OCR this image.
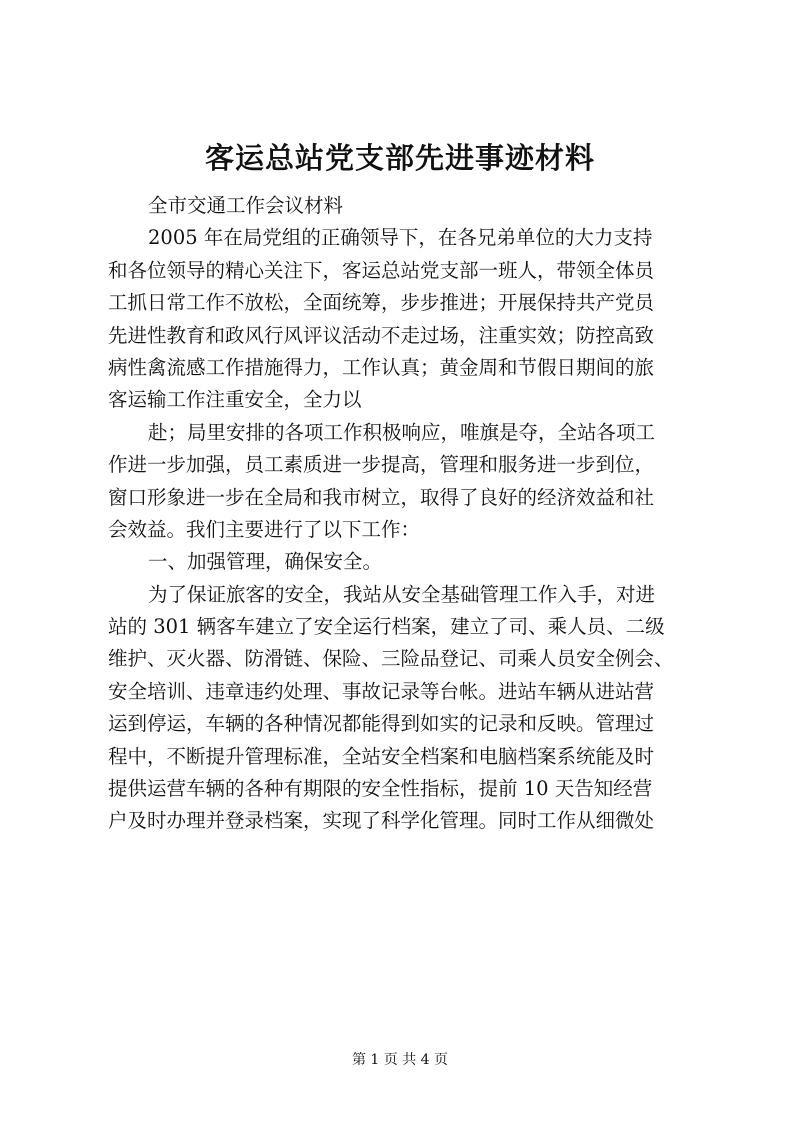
客运总站党支部先进事迹材料
全市交通工作会议材料
2005 年在局党组的正确领导下，在各兄弟单位的大力支持
和各位领导的精心关注下，客运总站党支部一班人，带领全体员
工抓日常工作不放松，全面统筹，步步推进；开展保持共产党员
先进性教育和政风行风评议活动不走过场，注重实效；防控高致
病性禽流感工作措施得力，工作认真；黄金周和节假日期间的旅
客运输工作注重安全，全力以
赴；局里安排的各项工作积极响应，唯旗是夺，全站各项工
作进一步加强，员工素质进一步提高，管理和服务进一步到位，
窗口形象进一步在全局和我市树立，取得了良好的经济效益和社
会效益。我们主要进行了以下工作：
一、加强管理，确保安全。
为了保证旅客的安全，我站从安全基础管理工作入手，对进
站的 301 辆客车建立了安全运行档案，建立了司、乘人员、二级
维护、灭火器、防滑链、保险、三险品登记、司乘人员安全例会、
安全培训、违章违约处理、事故记录等台帐。进站车辆从进站营
运到停运，车辆的各种情况都能得到如实的记录和反映。管理过
程中，不断提升管理标准，全站安全档案和电脑档案系统能及时
提供运营车辆的各种有期限的安全性指标，提前 10 天告知经营
户及时办理并登录档案，实现了科学化管理。同时工作从细微处
第 1 页 共 4 页
